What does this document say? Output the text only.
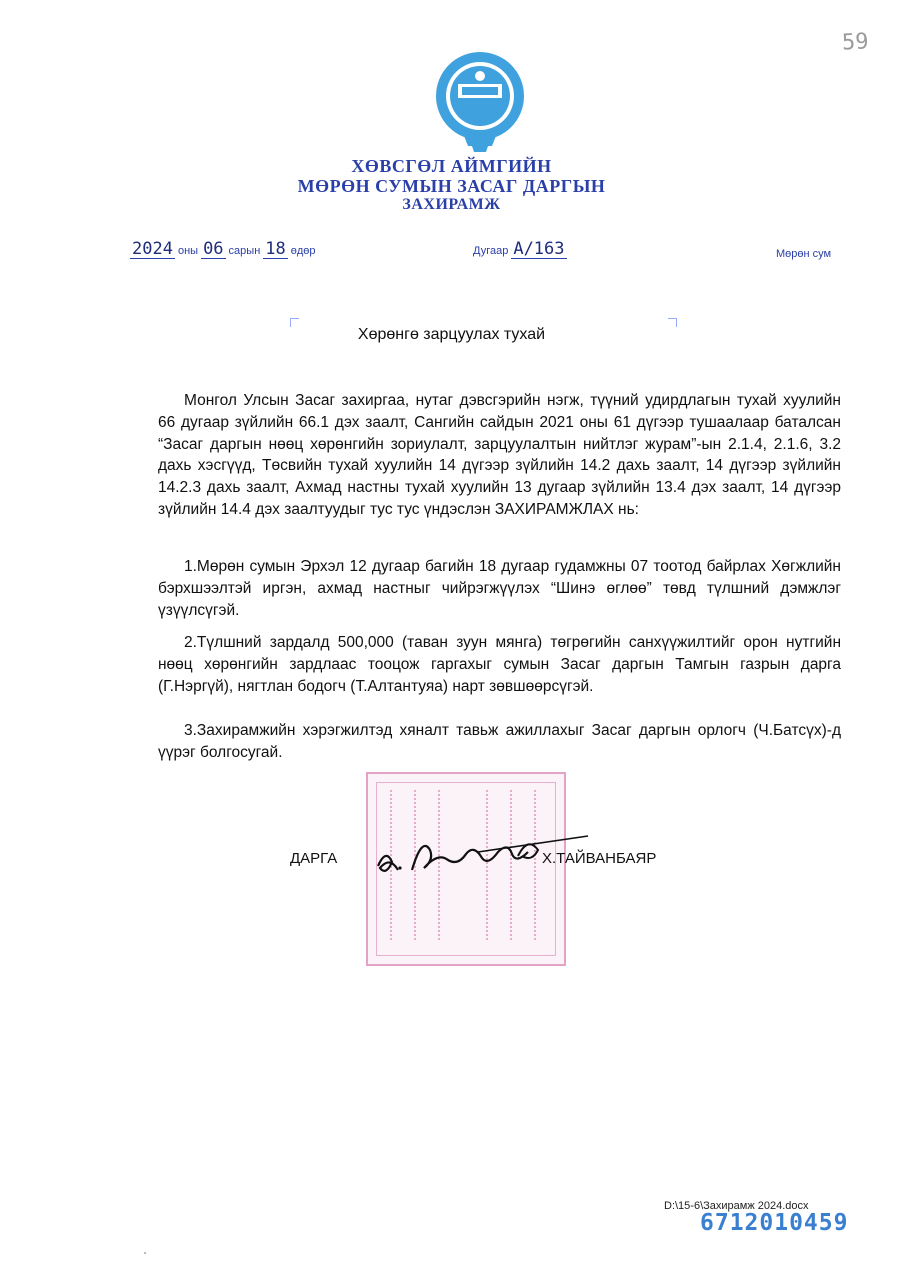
59
ХӨВСГӨЛ АЙМГИЙН
МӨРӨН СУМЫН ЗАСАГ ДАРГЫН
ЗАХИРАМЖ
2024 оны 06 сарын 18 өдөр	Дугаар А/163	Мөрөн сум
Хөрөнгө зарцуулах тухай
Монгол Улсын Засаг захиргаа, нутаг дэвсгэрийн нэгж, түүний удирдлагын тухай хуулийн 66 дугаар зүйлийн 66.1 дэх заалт, Сангийн сайдын 2021 оны 61 дүгээр тушаалаар баталсан “Засаг даргын нөөц хөрөнгийн зориулалт, зарцуулалтын нийтлэг журам”-ын 2.1.4, 2.1.6, 3.2 дахь хэсгүүд, Төсвийн тухай хуулийн 14 дүгээр зүйлийн 14.2 дахь заалт, 14 дүгээр зүйлийн 14.2.3 дахь заалт, Ахмад настны тухай хуулийн 13 дугаар зүйлийн 13.4 дэх заалт, 14 дүгээр зүйлийн 14.4 дэх заалтуудыг тус тус үндэслэн ЗАХИРАМЖЛАХ нь:
1.Мөрөн сумын Эрхэл 12 дугаар багийн 18 дугаар гудамжны 07 тоотод байрлах Хөгжлийн бэрхшээлтэй иргэн, ахмад настныг чийрэгжүүлэх “Шинэ өглөө” төвд түлшний дэмжлэг үзүүлсүгэй.
2.Түлшний зардалд 500,000 (таван зуун мянга) төгрөгийн санхүүжилтийг орон нутгийн нөөц хөрөнгийн зардлаас тооцож гаргахыг сумын Засаг даргын Тамгын газрын дарга (Г.Нэргүй), нягтлан бодогч (Т.Алтантуяа) нарт зөвшөөрсүгэй.
3.Захирамжийн хэрэгжилтэд хяналт тавьж ажиллахыг Засаг даргын орлогч (Ч.Батсүх)-д үүрэг болгосугай.
ДАРГА	Х.ТАЙВАНБАЯР
D:\15-6\Захирамж 2024.docx
6712010459
